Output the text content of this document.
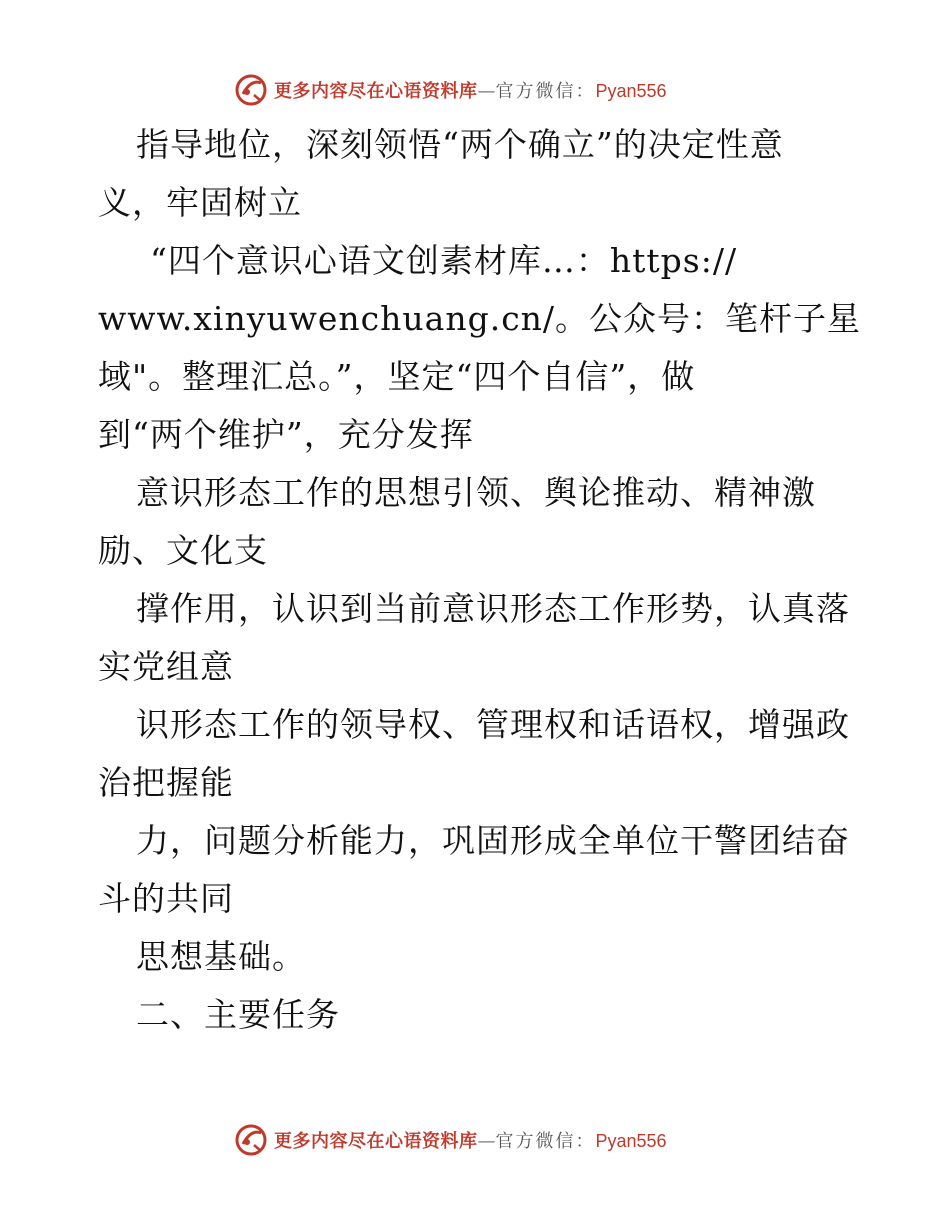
更多内容尽在心语资料库 — 官方微信： Pyan556
指导地位，深刻领悟“两个确立”的决定性意
义，牢固树立
“四个意识心语文创素材库…：https://
www.xinyuwenchuang.cn/。公众号：笔杆子星
域"。整理汇总。”，坚定“四个自信”，做
到“两个维护”，充分发挥
意识形态工作的思想引领、舆论推动、精神激
励、文化支
撑作用，认识到当前意识形态工作形势，认真落
实党组意
识形态工作的领导权、管理权和话语权，增强政
治把握能
力，问题分析能力，巩固形成全单位干警团结奋
斗的共同
思想基础。
二、主要任务
更多内容尽在心语资料库 — 官方微信： Pyan556
